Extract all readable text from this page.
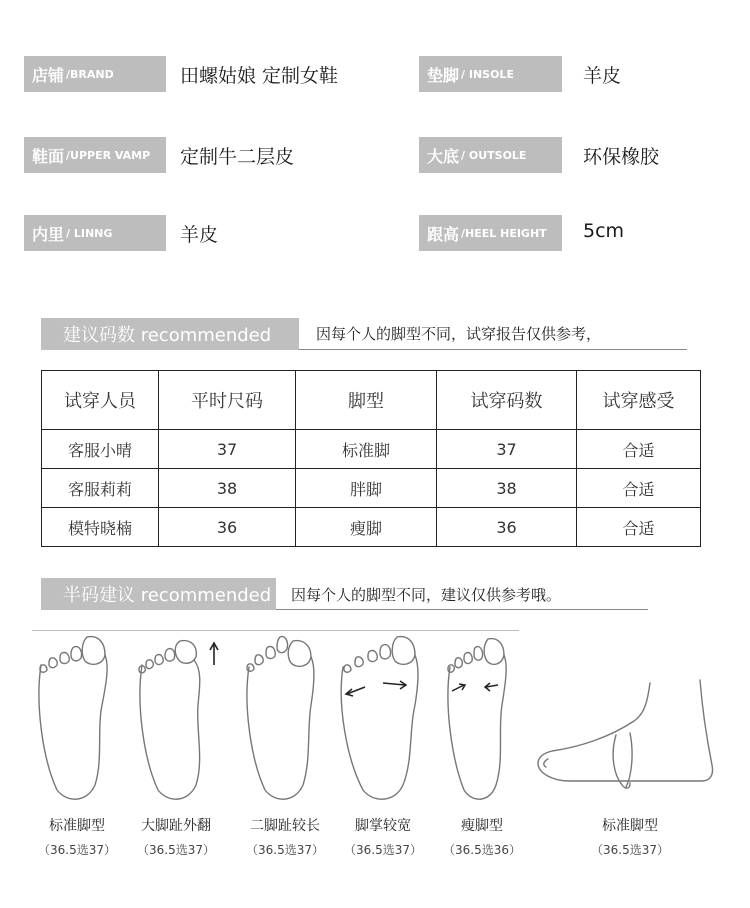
店铺 /BRAND	田螺姑娘 定制女鞋	垫脚 / INSOLE	羊皮
鞋面 /UPPER VAMP 定制牛二层皮	大底 / OUTSOLE	环保橡胶
内里 / LINNG	羊皮	跟高 /HEEL HEIGHT 5cm
建议码数 recommended	因每个人的脚型不同，试穿报告仅供参考，
试穿人员	平时尺码	脚型	试穿码数	试穿感受
客服小晴	37	标准脚	37	合适
客服莉莉	38	胖脚	38	合适
模特晓楠	36	瘦脚	36	合适
半码建议 recommended	因每个人的脚型不同，建议仅供参考哦。
标准脚型
（36.5选37）
大脚趾外翻
（36.5选37）
二脚趾较长
（36.5选37）
脚掌较宽
（36.5选37）
瘦脚型
（36.5选36）
标准脚型
（36.5选37）
